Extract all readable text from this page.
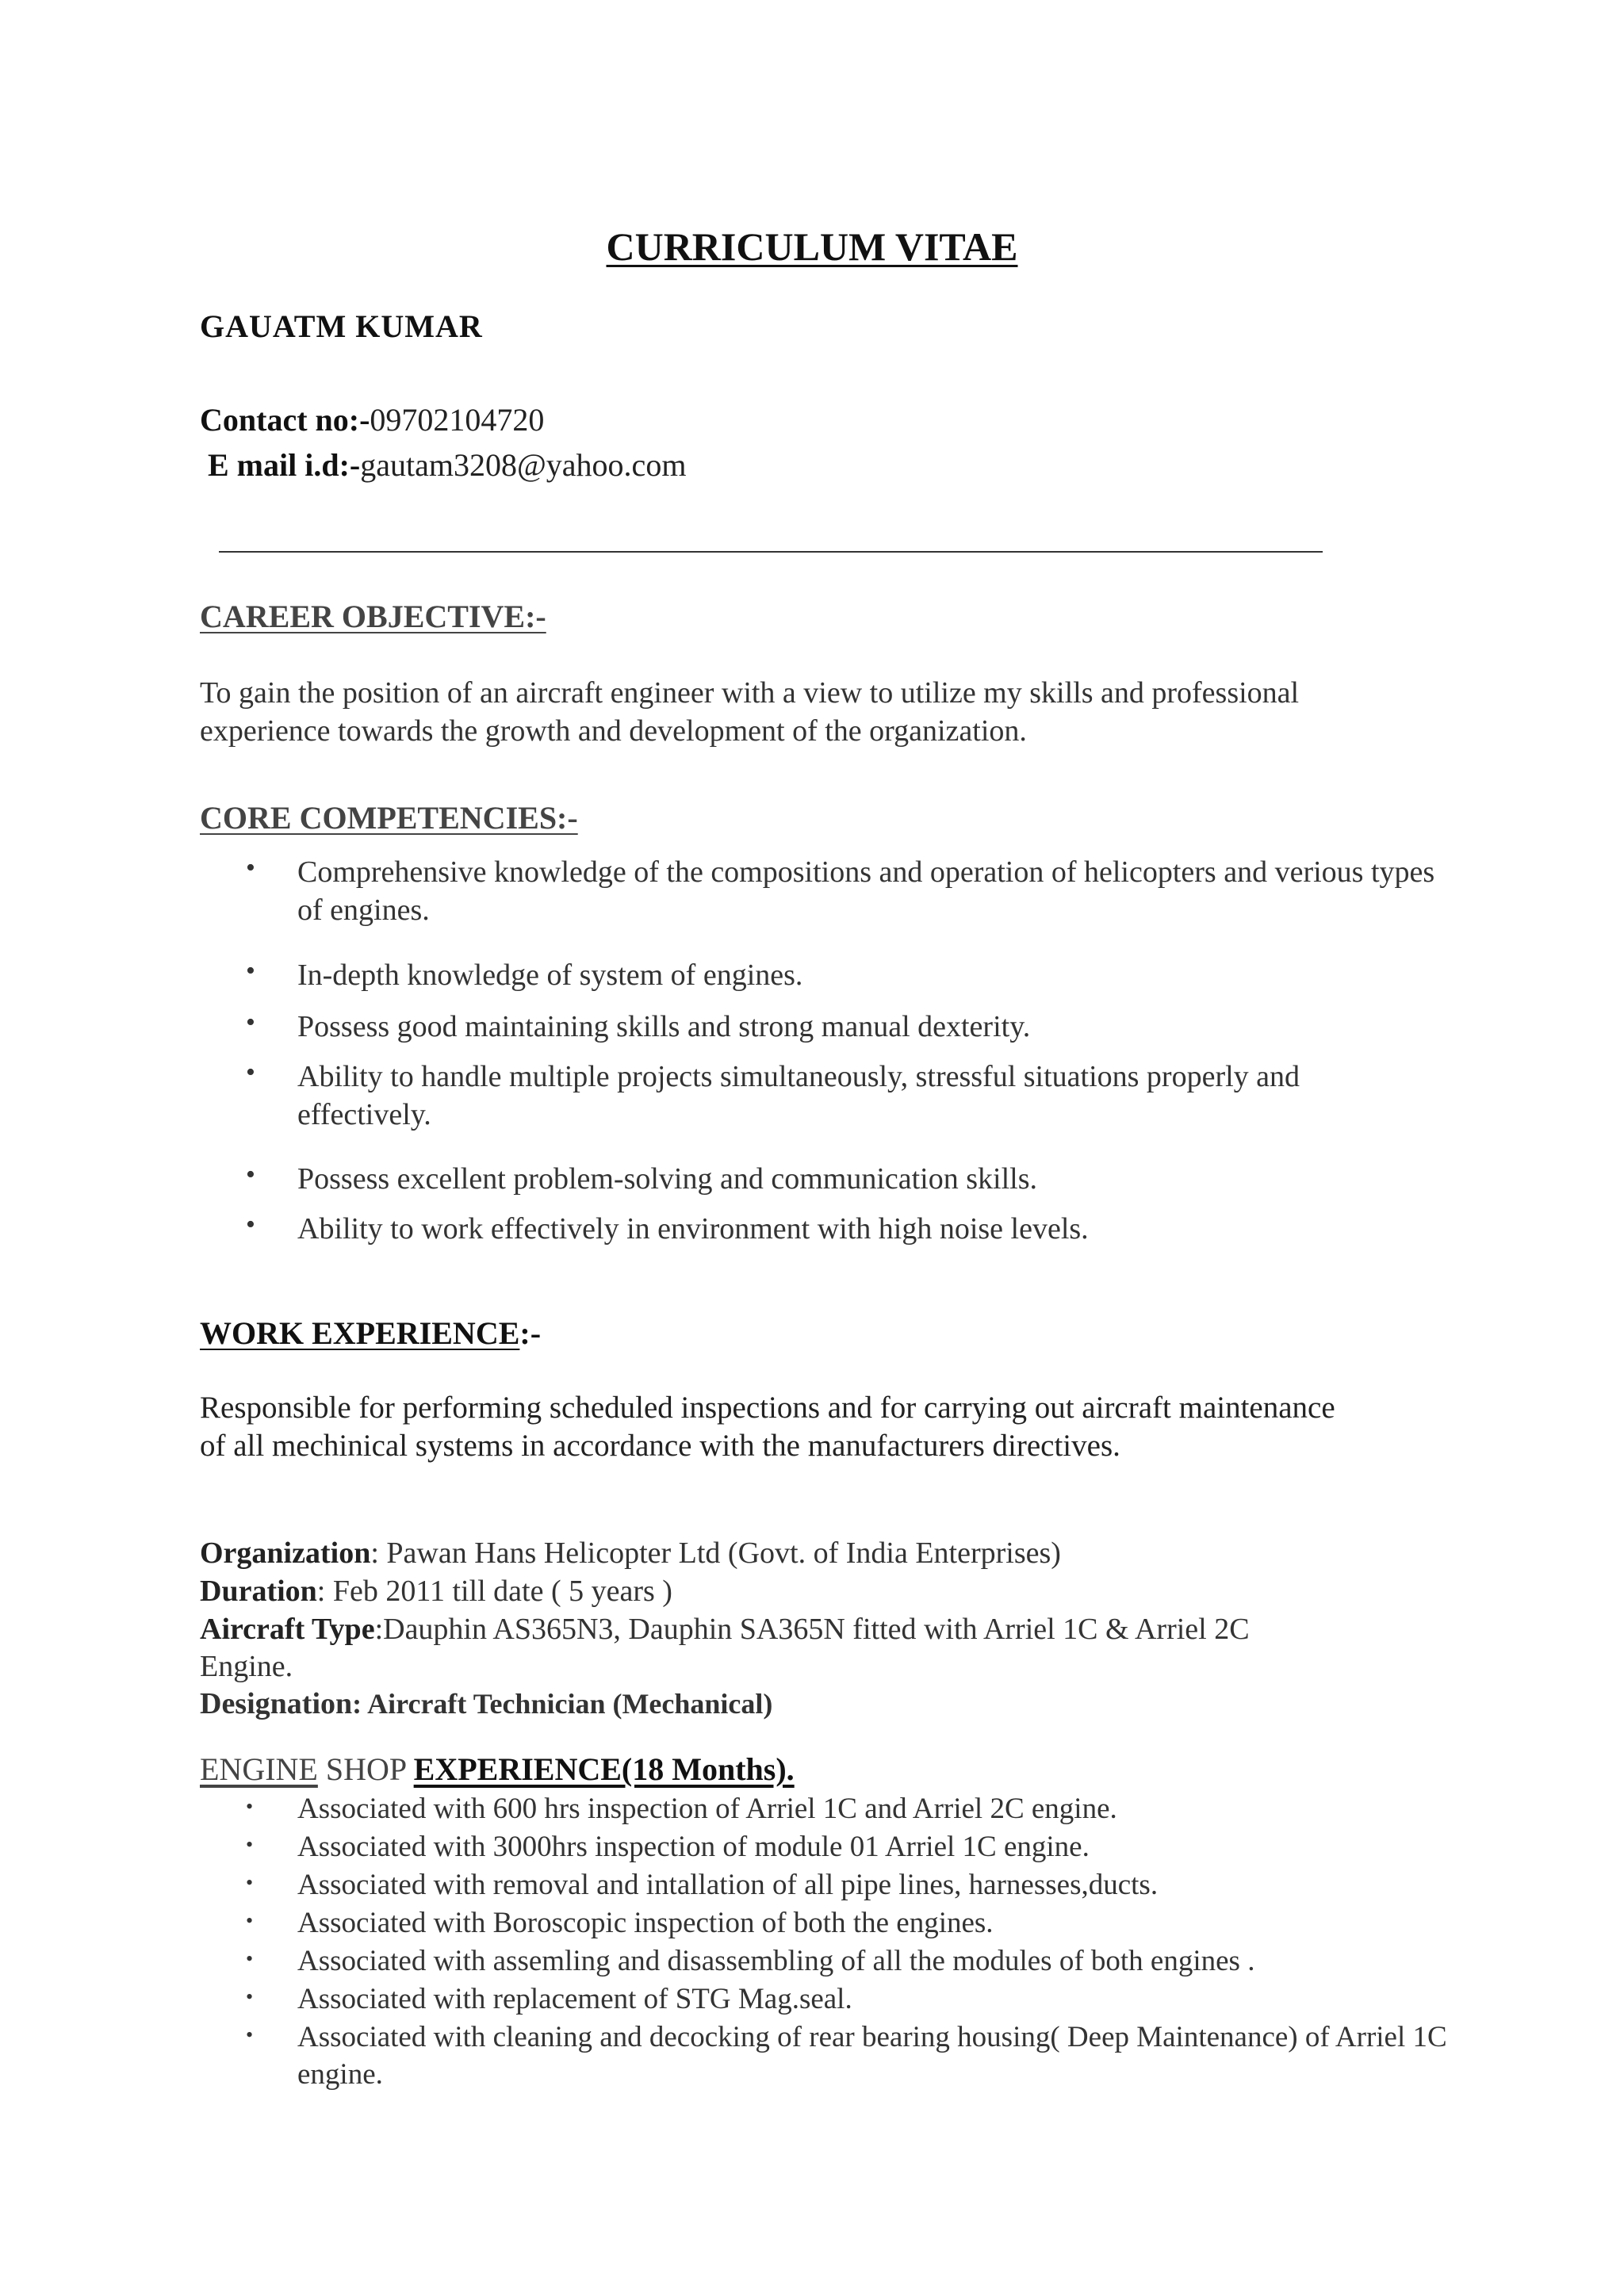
CURRICULUM VITAE
GAUATM KUMAR
Contact no:-09702104720
E mail i.d:-gautam3208@yahoo.com
CAREER OBJECTIVE:-
To gain the position of an aircraft engineer with a view to utilize my skills and professional
experience towards the growth and development of the organization.
CORE COMPETENCIES:-
• Comprehensive knowledge of the compositions and operation of helicopters and verious types of engines.
• In-depth knowledge of system of engines.
• Possess good maintaining skills and strong manual dexterity.
• Ability to handle multiple projects simultaneously, stressful situations properly and effectively.
• Possess excellent problem-solving and communication skills.
• Ability to work effectively in environment with high noise levels.
WORK EXPERIENCE:-
Responsible for performing scheduled inspections and for carrying out aircraft maintenance
of all mechinical systems in accordance with the manufacturers directives.
Organization: Pawan Hans Helicopter Ltd (Govt. of India Enterprises)
Duration: Feb 2011 till date ( 5 years )
Aircraft Type:Dauphin AS365N3, Dauphin SA365N fitted with Arriel 1C & Arriel 2C
Engine.
Designation: Aircraft Technician (Mechanical)
ENGINE SHOP EXPERIENCE(18 Months).
• Associated with 600 hrs inspection of Arriel 1C and Arriel 2C engine.
• Associated with 3000hrs inspection of module 01 Arriel 1C engine.
• Associated with removal and intallation of all pipe lines, harnesses,ducts.
• Associated with Boroscopic inspection of both the engines.
• Associated with assemling and disassembling of all the modules of both engines .
• Associated with replacement of STG Mag.seal.
• Associated with cleaning and decocking of rear bearing housing( Deep Maintenance) of Arriel 1C engine.
